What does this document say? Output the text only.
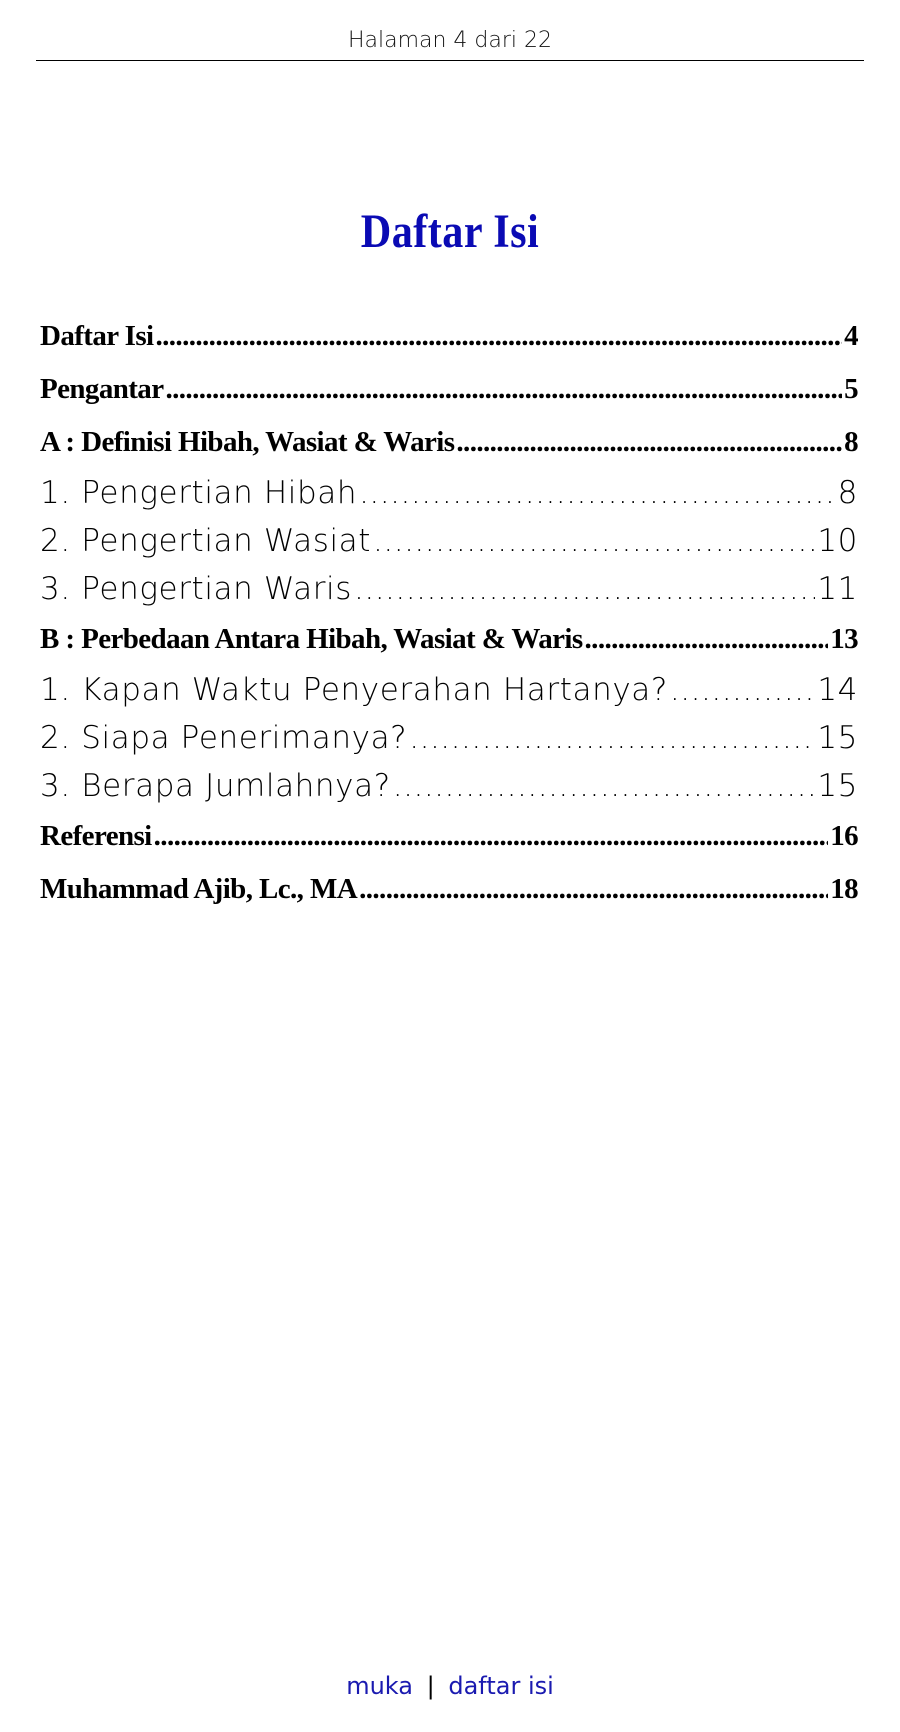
Halaman 4 dari 22
Daftar Isi
Daftar Isi .....	4
Pengantar .....	5
A : Definisi Hibah, Wasiat & Waris .....	8
1. Pengertian Hibah .....	8
2. Pengertian Wasiat .....	10
3. Pengertian Waris .....	11
B : Perbedaan Antara Hibah, Wasiat & Waris .....	13
1. Kapan Waktu Penyerahan Hartanya? .....	14
2. Siapa Penerimanya? .....	15
3. Berapa Jumlahnya? .....	15
Referensi .....	16
Muhammad Ajib, Lc., MA .....	18
muka | daftar isi
